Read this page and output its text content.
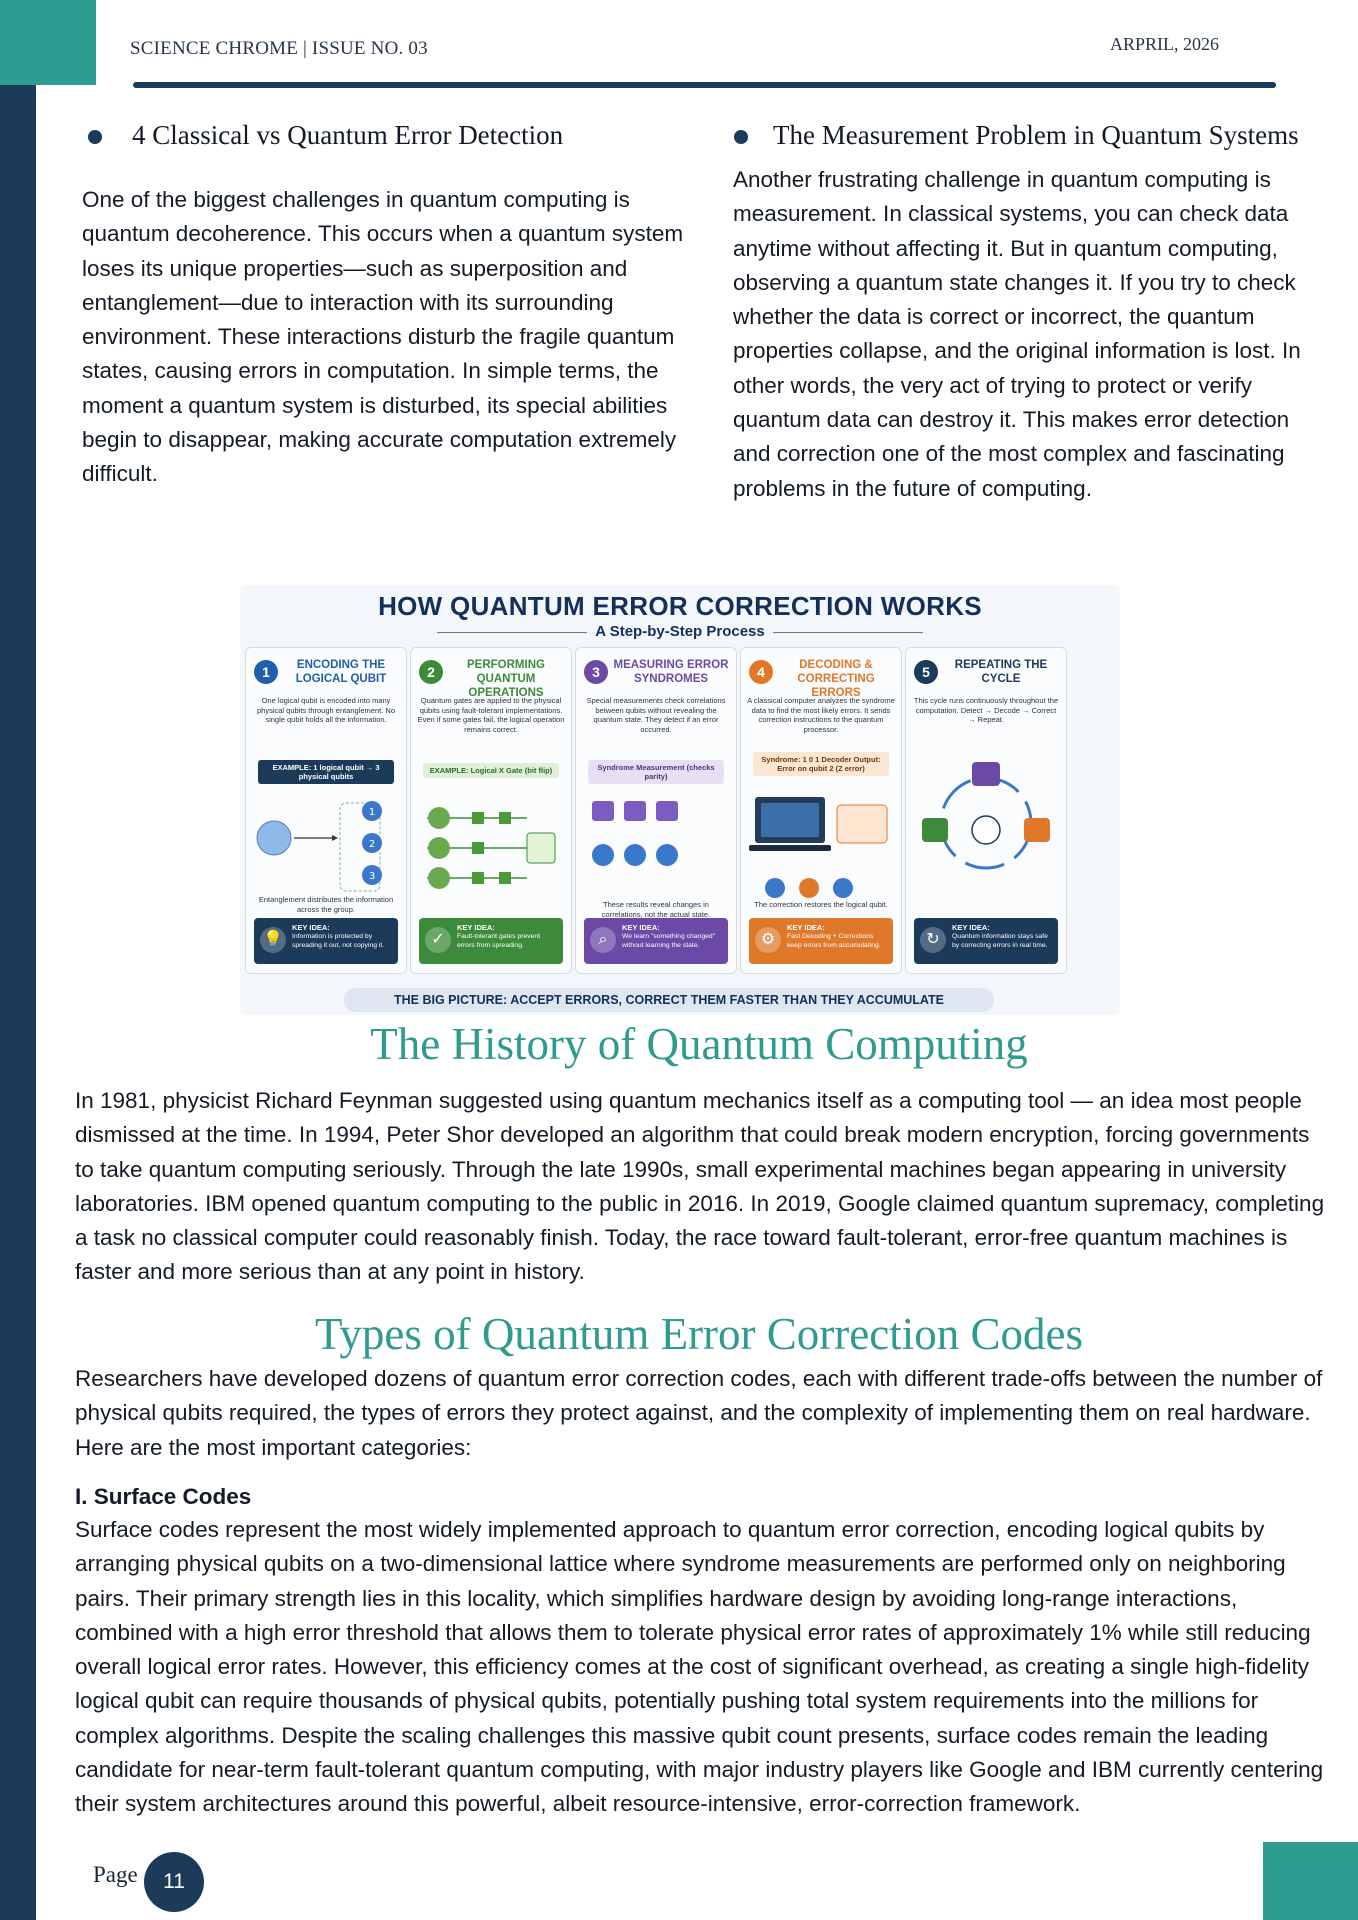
SCIENCE CHROME | ISSUE NO. 03	ARPRIL, 2026
4 Classical vs Quantum Error Detection

One of the biggest challenges in quantum computing is quantum decoherence. This occurs when a quantum system loses its unique properties—such as superposition and entanglement—due to interaction with its surrounding environment. These interactions disturb the fragile quantum states, causing errors in computation. In simple terms, the moment a quantum system is disturbed, its special abilities begin to disappear, making accurate computation extremely difficult.

The Measurement Problem in Quantum Systems

Another frustrating challenge in quantum computing is measurement. In classical systems, you can check data anytime without affecting it. But in quantum computing, observing a quantum state changes it. If you try to check whether the data is correct or incorrect, the quantum properties collapse, and the original information is lost. In other words, the very act of trying to protect or verify quantum data can destroy it. This makes error detection and correction one of the most complex and fascinating problems in the future of computing.

HOW QUANTUM ERROR CORRECTION WORKS
A Step-by-Step Process
1	ENCODING THE LOGICAL QUBIT
One logical qubit is encoded into many physical qubits through entanglement. No single qubit holds all the information.
EXAMPLE: 1 logical qubit → 3 physical qubits
1
2
3
Entanglement distributes the information across the group.
💡
KEY IDEA:
Information is protected by spreading it out, not copying it.
2	PERFORMING QUANTUM OPERATIONS
Quantum gates are applied to the physical qubits using fault-tolerant implementations. Even if some gates fail, the logical operation remains correct.
EXAMPLE: Logical X Gate (bit flip)
✓
KEY IDEA:
Fault-tolerant gates prevent errors from spreading.
3	MEASURING ERROR SYNDROMES
Special measurements check correlations between qubits without revealing the quantum state. They detect if an error occurred.
Syndrome Measurement (checks parity)
These results reveal changes in correlations, not the actual state.
⌕
KEY IDEA:
We learn "something changed" without learning the state.
4	DECODING & CORRECTING ERRORS
A classical computer analyzes the syndrome data to find the most likely errors. It sends correction instructions to the quantum processor.
Syndrome: 1 0 1 Decoder Output: Error on qubit 2 (Z error)
The correction restores the logical qubit.
⚙
KEY IDEA:
Fast Decoding + Corrections keep errors from accumulating.
5	REPEATING THE CYCLE
This cycle runs continuously throughout the computation. Detect → Decode → Correct → Repeat.
↻
KEY IDEA:
Quantum information stays safe by correcting errors in real time.
THE BIG PICTURE: ACCEPT ERRORS, CORRECT THEM FASTER THAN THEY ACCUMULATE
The History of Quantum Computing

In 1981, physicist Richard Feynman suggested using quantum mechanics itself as a computing tool — an idea most people dismissed at the time. In 1994, Peter Shor developed an algorithm that could break modern encryption, forcing governments to take quantum computing seriously. Through the late 1990s, small experimental machines began appearing in university laboratories. IBM opened quantum computing to the public in 2016. In 2019, Google claimed quantum supremacy, completing a task no classical computer could reasonably finish. Today, the race toward fault-tolerant, error-free quantum machines is faster and more serious than at any point in history.

Types of Quantum Error Correction Codes

Researchers have developed dozens of quantum error correction codes, each with different trade-offs between the number of physical qubits required, the types of errors they protect against, and the complexity of implementing them on real hardware. Here are the most important categories:

I. Surface Codes

Surface codes represent the most widely implemented approach to quantum error correction, encoding logical qubits by arranging physical qubits on a two-dimensional lattice where syndrome measurements are performed only on neighboring pairs. Their primary strength lies in this locality, which simplifies hardware design by avoiding long-range interactions, combined with a high error threshold that allows them to tolerate physical error rates of approximately 1% while still reducing overall logical error rates. However, this efficiency comes at the cost of significant overhead, as creating a single high-fidelity logical qubit can require thousands of physical qubits, potentially pushing total system requirements into the millions for complex algorithms. Despite the scaling challenges this massive qubit count presents, surface codes remain the leading candidate for near-term fault-tolerant quantum computing, with major industry players like Google and IBM currently centering their system architectures around this powerful, albeit resource-intensive, error-correction framework.

Page	11
